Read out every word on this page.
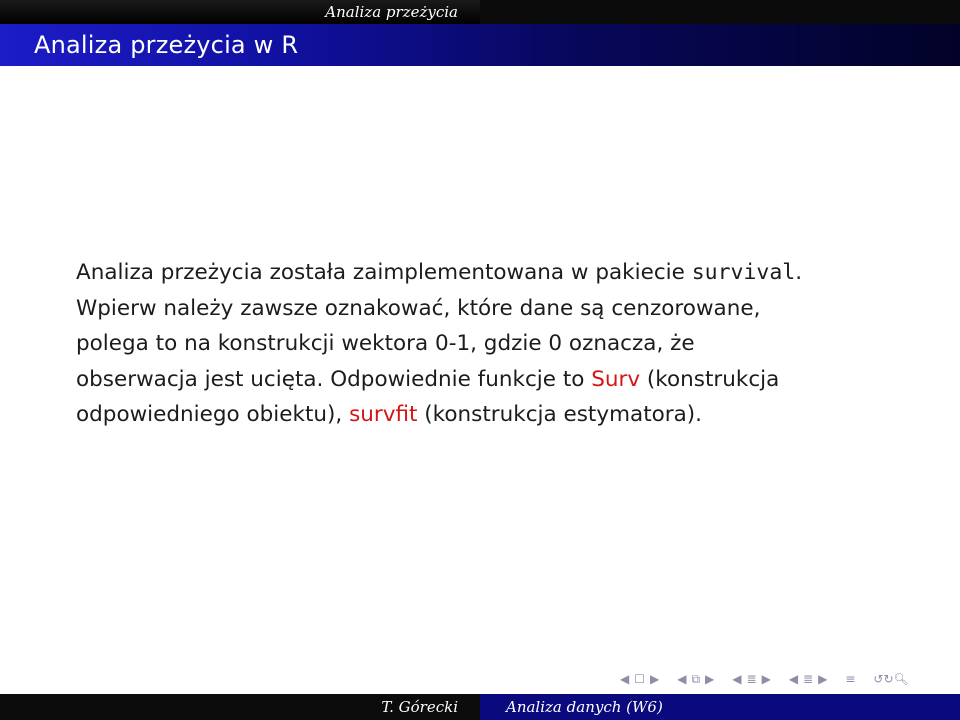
Analiza przeżycia
Analiza przeżycia w R

Analiza przeżycia została zaimplementowana w pakiecie survival.

Wpierw należy zawsze oznakować, które dane są cenzorowane,

polega to na konstrukcji wektora 0-1, gdzie 0 oznacza, że

obserwacja jest ucięta. Odpowiednie funkcje to Surv (konstrukcja

odpowiedniego obiektu), survfit (konstrukcja estymatora).

◀ ☐ ▶ ◀ ⧉ ▶ ◀ ≣ ▶ ◀ ≣ ▶ ≡ ↺↻🔍︎
T. Górecki	Analiza danych (W6)
